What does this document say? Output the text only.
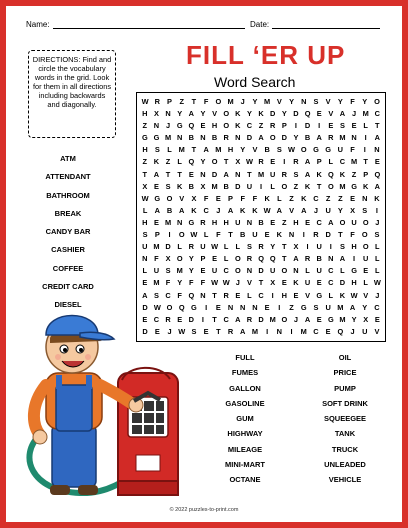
Name:	Date:
FILL ‘ER UP
Word Search
DIRECTIONS: Find and circle the vocabulary words in the grid. Look for them in all directions including backwards and diagonally.	W R P	Z	T	F O M J	Y M V Y N S V Y	F	Y O
H X N Y A Y V O K Y K D Y D Q E V A J M C
Z N J G Q E H O K C Z R P	I	D	I	E S E L T
G G M N B N B R N D A O D Y B A R M N	I	A
H S	L M T A M H Y V B S W O G G U F	I	N
Z K Z L Q Y O T X W R E	I	R A P L C M T E
T A T T E N D A N T M U R S A K Q K Z P Q
X E S K B X M B D U	I	L O Z K T O M G K A
W G O V X	F	E P	F	F K L	Z K C Z	Z	E N K
L A B A K C	J	A K K W A V A	J	U Y X S	I
H E M N G R H H U N B E Z H E C A O U O J
S P	I	O W L	F	T B U E K N	I	R D T	F O S
U M D L R U W L L S R Y T X	I	U	I	S H O L
N F X O Y P E L O R Q Q T A R B N A	I	U L
L U S M Y E U C O N D U O N L U C L G E L
E M F Y F F W W J V T X E K U E C D H L W
A S C F Q N T R E L C	I	H E V G L K W V J
D W O Q G	I	E N N N E	I	Z G S U M A Y C
E C R E D	I	T C A R D M O J A E G M Y X E
D E	J W S E	T R A M	I	N	I	M C E Q J	U V
ATM
ATTENDANT
BATHROOM
BREAK
CANDY BAR
CASHIER
COFFEE
CREDIT CARD
DIESEL
FULL
FUMES
GALLON
GASOLINE
GUM
HIGHWAY
MILEAGE
MINI-MART
OCTANE
OIL
PRICE
PUMP
SOFT DRINK
SQUEEGEE
TANK
TRUCK
UNLEADED
VEHICLE
© 2022 puzzles-to-print.com
